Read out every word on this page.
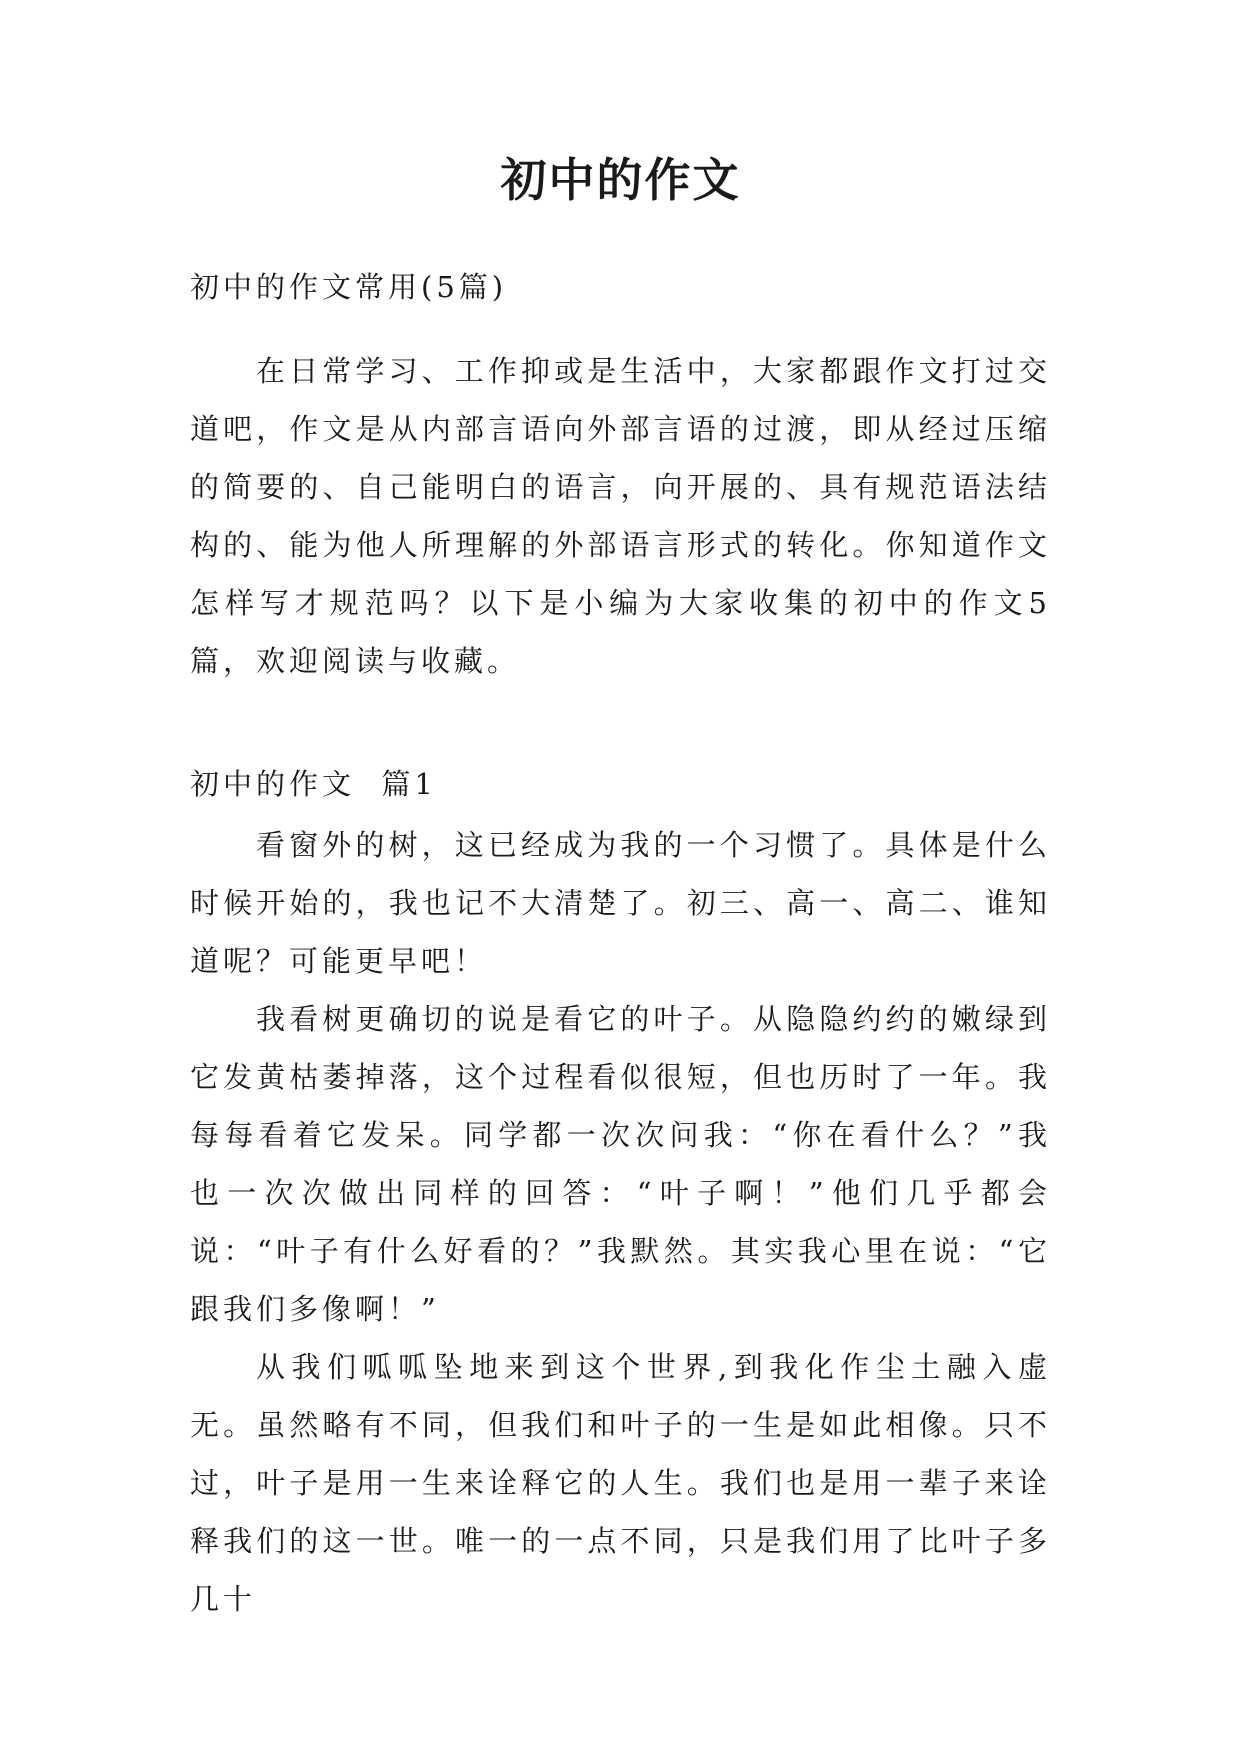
初中的作文
初中的作文常用(5篇)

在日常学习、工作抑或是生活中，大家都跟作文打过交道吧，作文是从内部言语向外部言语的过渡，即从经过压缩的简要的、自己能明白的语言，向开展的、具有规范语法结构的、能为他人所理解的外部语言形式的转化。你知道作文怎样写才规范吗？以下是小编为大家收集的初中的作文5篇，欢迎阅读与收藏。

初中的作文  篇1

看窗外的树，这已经成为我的一个习惯了。具体是什么时候开始的，我也记不大清楚了。初三、高一、高二、谁知道呢？可能更早吧！

我看树更确切的说是看它的叶子。从隐隐约约的嫩绿到它发黄枯萎掉落，这个过程看似很短，但也历时了一年。我每每看着它发呆。同学都一次次问我：“你在看什么？”我也一次次做出同样的回答：“叶子啊！”他们几乎都会说：“叶子有什么好看的？”我默然。其实我心里在说：“它跟我们多像啊！”

从我们呱呱坠地来到这个世界,到我化作尘土融入虚无。虽然略有不同，但我们和叶子的一生是如此相像。只不过，叶子是用一生来诠释它的人生。我们也是用一辈子来诠释我们的这一世。唯一的一点不同，只是我们用了比叶子多几十
